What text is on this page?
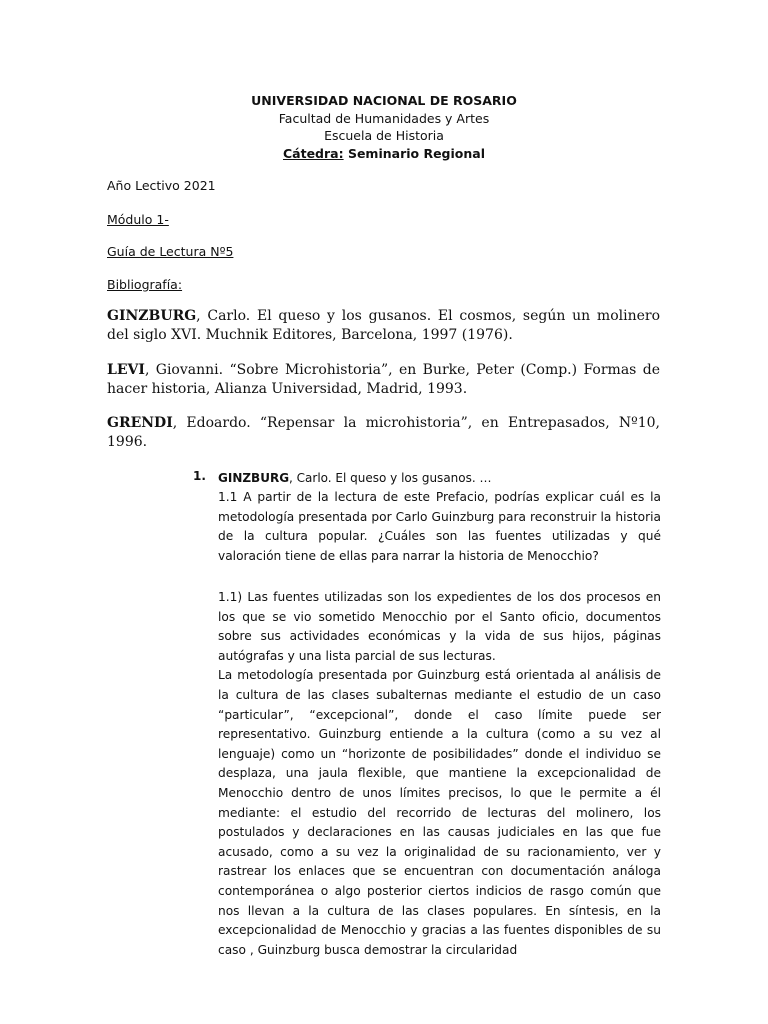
UNIVERSIDAD NACIONAL DE ROSARIO
Facultad de Humanidades y Artes
Escuela de Historia
Cátedra: Seminario Regional
Año Lectivo 2021
Módulo 1-
Guía de Lectura Nº5
Bibliografía:
GINZBURG, Carlo. El queso y los gusanos. El cosmos, según un molinero del siglo XVI. Muchnik Editores, Barcelona, 1997 (1976).
LEVI, Giovanni. “Sobre Microhistoria”, en Burke, Peter (Comp.) Formas de hacer historia, Alianza Universidad, Madrid, 1993.
GRENDI, Edoardo. “Repensar la microhistoria”, en Entrepasados, Nº10, 1996.
1. GINZBURG, Carlo. El queso y los gusanos. …

1.1 A partir de la lectura de este Prefacio, podrías explicar cuál es la metodología presentada por Carlo Guinzburg para reconstruir la historia de la cultura popular. ¿Cuáles son las fuentes utilizadas y qué valoración tiene de ellas para narrar la historia de Menocchio?

1.1) Las fuentes utilizadas son los expedientes de los dos procesos en los que se vio sometido Menocchio por el Santo oficio, documentos sobre sus actividades económicas y la vida de sus hijos, páginas autógrafas y una lista parcial de sus lecturas.

La metodología presentada por Guinzburg está orientada al análisis de la cultura de las clases subalternas mediante el estudio de un caso “particular”, “excepcional”, donde el caso límite puede ser representativo. Guinzburg entiende a la cultura (como a su vez al lenguaje) como un “horizonte de posibilidades” donde el individuo se desplaza, una jaula flexible, que mantiene la excepcionalidad de Menocchio dentro de unos límites precisos, lo que le permite a él mediante: el estudio del recorrido de lecturas del molinero, los postulados y declaraciones en las causas judiciales en las que fue acusado, como a su vez la originalidad de su racionamiento, ver y rastrear los enlaces que se encuentran con documentación análoga contemporánea o algo posterior ciertos indicios de rasgo común que nos llevan a la cultura de las clases populares. En síntesis, en la excepcionalidad de Menocchio y gracias a las fuentes disponibles de su caso , Guinzburg busca demostrar la circularidad
